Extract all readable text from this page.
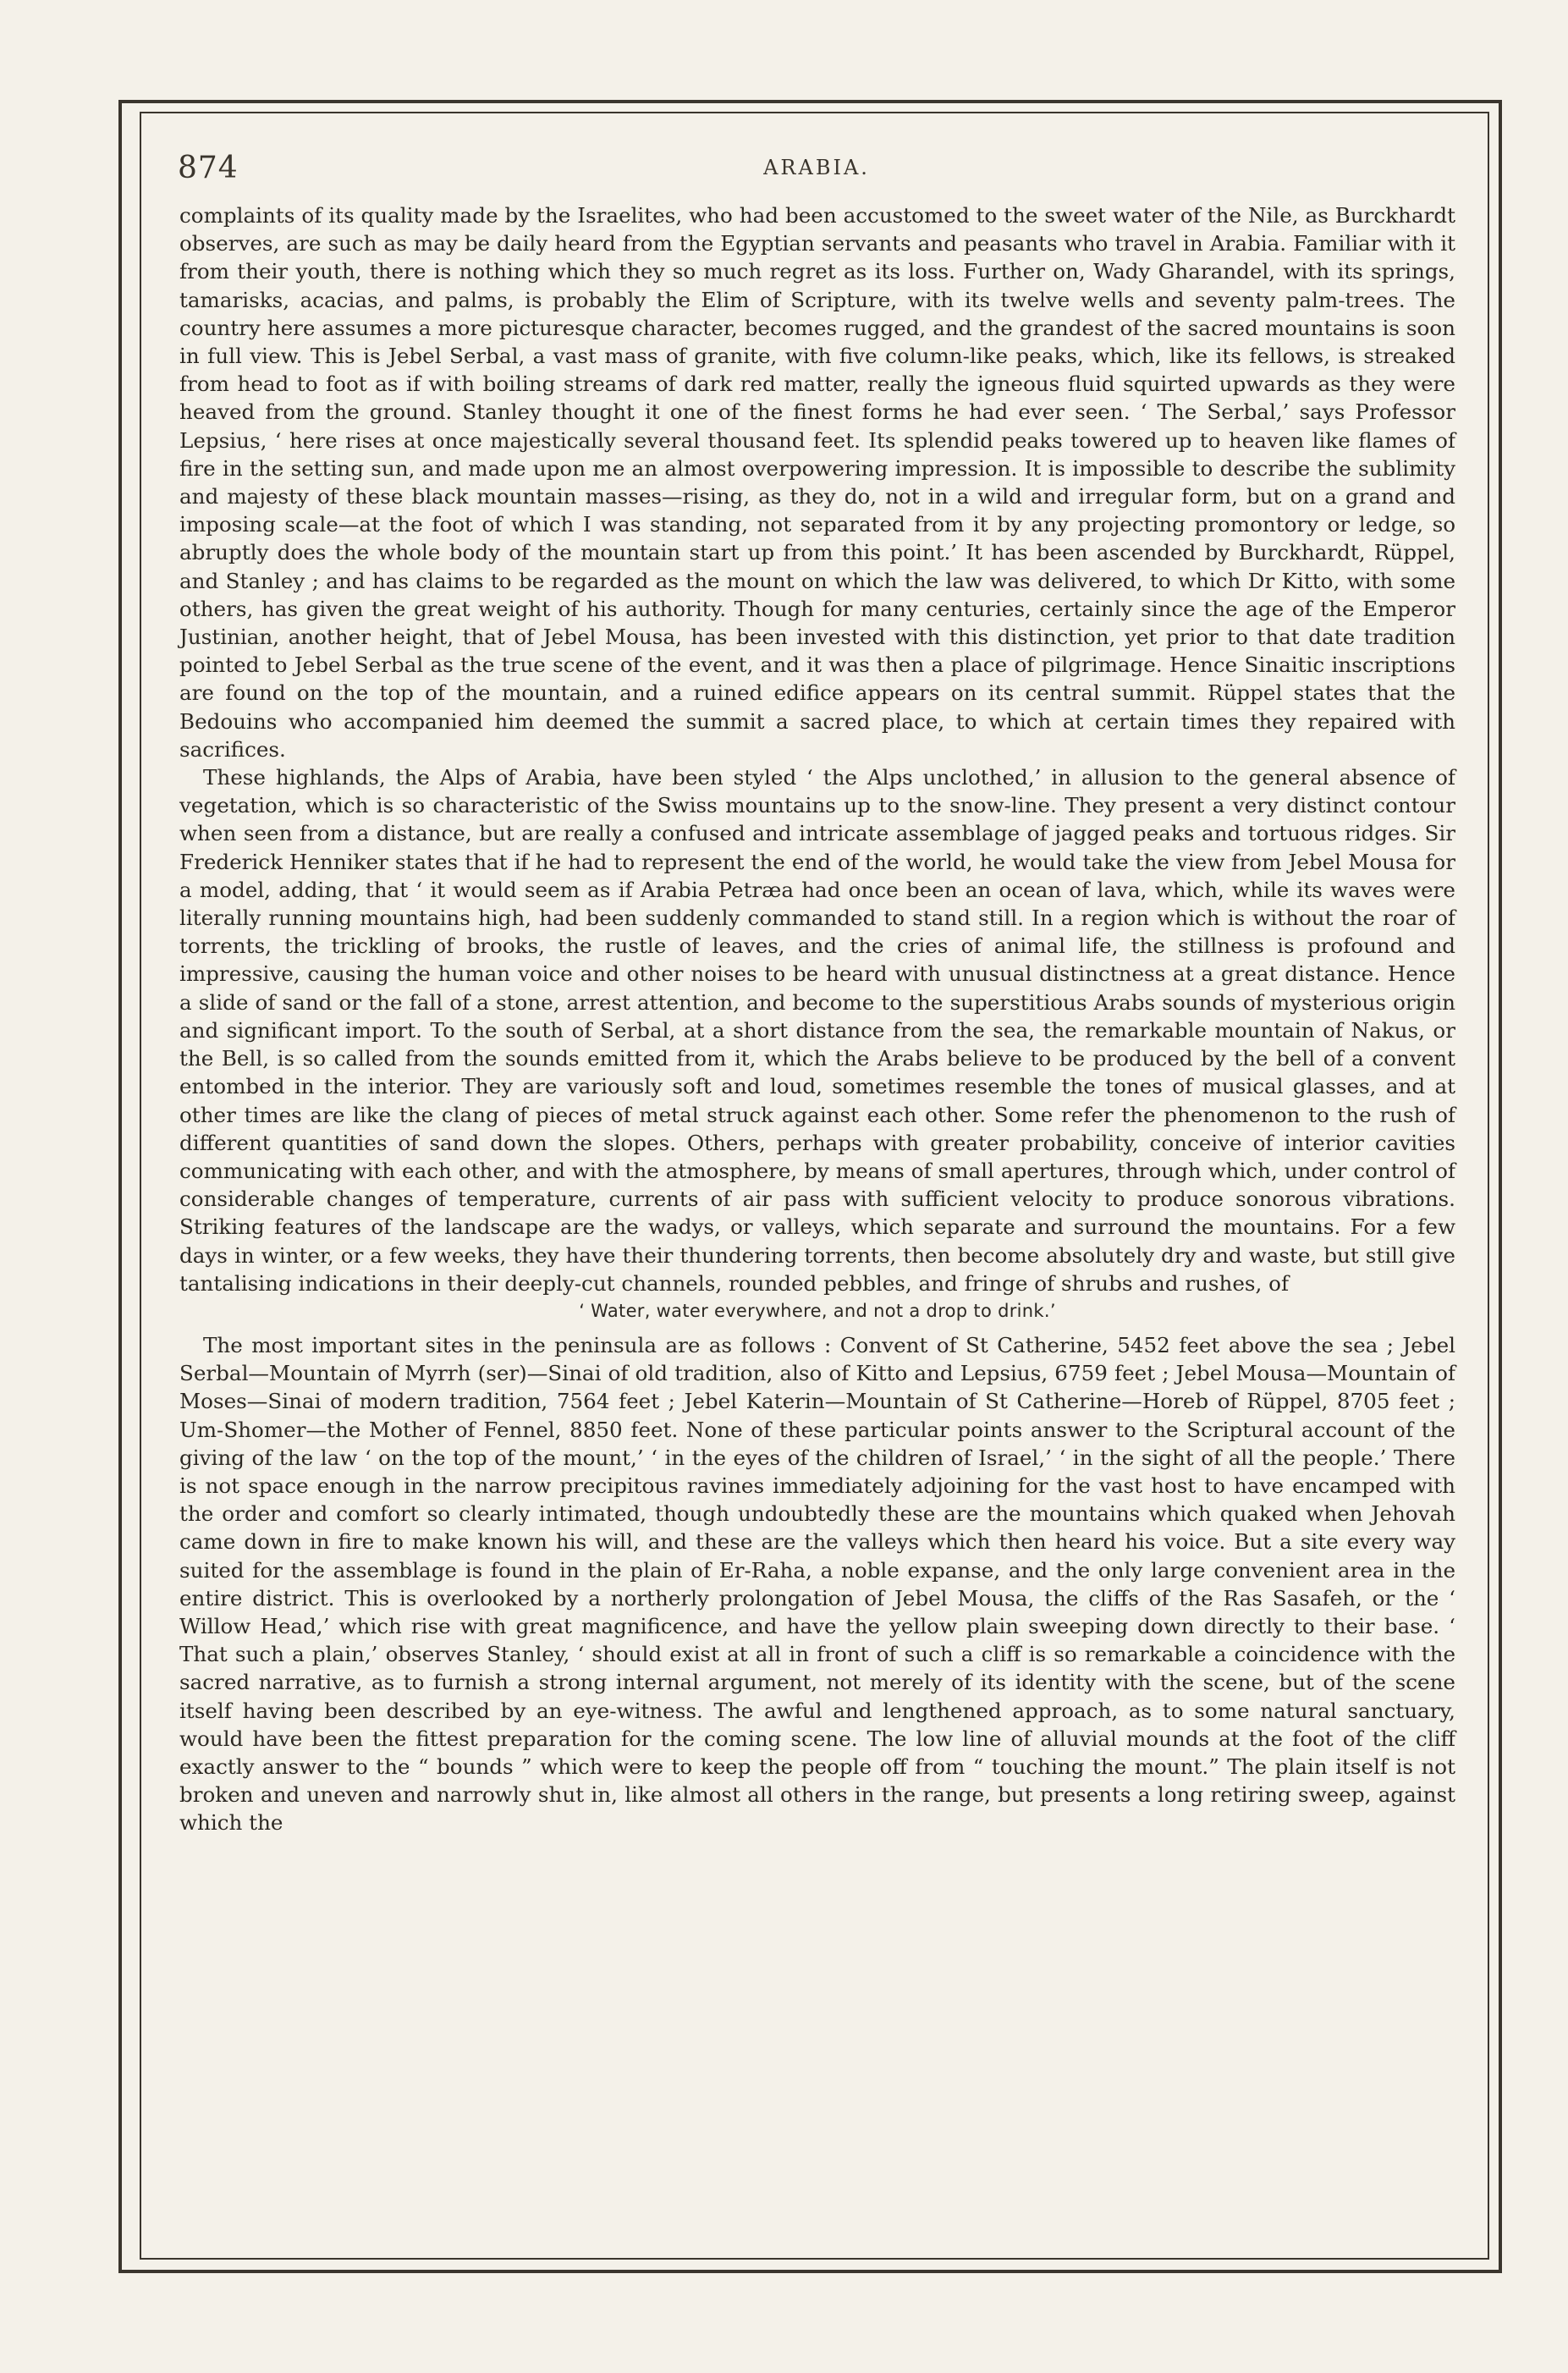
874	ARABIA.

complaints of its quality made by the Israelites, who had been accustomed to the sweet water of the Nile, as Burckhardt observes, are such as may be daily heard from the Egyptian servants and peasants who travel in Arabia. Familiar with it from their youth, there is nothing which they so much regret as its loss. Further on, Wady Gharandel, with its springs, tamarisks, acacias, and palms, is probably the Elim of Scripture, with its twelve wells and seventy palm-trees. The country here assumes a more picturesque character, becomes rugged, and the grandest of the sacred mountains is soon in full view. This is Jebel Serbal, a vast mass of granite, with five column-like peaks, which, like its fellows, is streaked from head to foot as if with boiling streams of dark red matter, really the igneous fluid squirted upwards as they were heaved from the ground. Stanley thought it one of the finest forms he had ever seen. ‘ The Serbal,’ says Professor Lepsius, ‘ here rises at once majestically several thousand feet. Its splendid peaks towered up to heaven like flames of fire in the setting sun, and made upon me an almost overpowering impression. It is impossible to describe the sublimity and majesty of these black mountain masses—rising, as they do, not in a wild and irregular form, but on a grand and imposing scale—at the foot of which I was standing, not separated from it by any projecting promontory or ledge, so abruptly does the whole body of the mountain start up from this point.’ It has been ascended by Burckhardt, Rüppel, and Stanley ; and has claims to be regarded as the mount on which the law was delivered, to which Dr Kitto, with some others, has given the great weight of his authority. Though for many centuries, certainly since the age of the Emperor Justinian, another height, that of Jebel Mousa, has been invested with this distinction, yet prior to that date tradition pointed to Jebel Serbal as the true scene of the event, and it was then a place of pilgrimage. Hence Sinaitic inscriptions are found on the top of the mountain, and a ruined edifice appears on its central summit. Rüppel states that the Bedouins who accompanied him deemed the summit a sacred place, to which at certain times they repaired with sacrifices.

These highlands, the Alps of Arabia, have been styled ‘ the Alps unclothed,’ in allusion to the general absence of vegetation, which is so characteristic of the Swiss mountains up to the snow-line. They present a very distinct contour when seen from a distance, but are really a confused and intricate assemblage of jagged peaks and tortuous ridges. Sir Frederick Henniker states that if he had to represent the end of the world, he would take the view from Jebel Mousa for a model, adding, that ‘ it would seem as if Arabia Petræa had once been an ocean of lava, which, while its waves were literally running mountains high, had been suddenly commanded to stand still. In a region which is without the roar of torrents, the trickling of brooks, the rustle of leaves, and the cries of animal life, the stillness is profound and impressive, causing the human voice and other noises to be heard with unusual distinctness at a great distance. Hence a slide of sand or the fall of a stone, arrest attention, and become to the superstitious Arabs sounds of mysterious origin and significant import. To the south of Serbal, at a short distance from the sea, the remarkable mountain of Nakus, or the Bell, is so called from the sounds emitted from it, which the Arabs believe to be produced by the bell of a convent entombed in the interior. They are variously soft and loud, sometimes resemble the tones of musical glasses, and at other times are like the clang of pieces of metal struck against each other. Some refer the phenomenon to the rush of different quantities of sand down the slopes. Others, perhaps with greater probability, conceive of interior cavities communicating with each other, and with the atmosphere, by means of small apertures, through which, under control of considerable changes of temperature, currents of air pass with sufficient velocity to produce sonorous vibrations. Striking features of the landscape are the wadys, or valleys, which separate and surround the mountains. For a few days in winter, or a few weeks, they have their thundering torrents, then become absolutely dry and waste, but still give tantalising indications in their deeply-cut channels, rounded pebbles, and fringe of shrubs and rushes, of

‘ Water, water everywhere, and not a drop to drink.’

The most important sites in the peninsula are as follows : Convent of St Catherine, 5452 feet above the sea ; Jebel Serbal—Mountain of Myrrh (ser)—Sinai of old tradition, also of Kitto and Lepsius, 6759 feet ; Jebel Mousa—Mountain of Moses—Sinai of modern tradition, 7564 feet ; Jebel Katerin—Mountain of St Catherine—Horeb of Rüppel, 8705 feet ; Um-Shomer—the Mother of Fennel, 8850 feet. None of these particular points answer to the Scriptural account of the giving of the law ‘ on the top of the mount,’ ‘ in the eyes of the children of Israel,’ ‘ in the sight of all the people.’ There is not space enough in the narrow precipitous ravines immediately adjoining for the vast host to have encamped with the order and comfort so clearly intimated, though undoubtedly these are the mountains which quaked when Jehovah came down in fire to make known his will, and these are the valleys which then heard his voice. But a site every way suited for the assemblage is found in the plain of Er-Raha, a noble expanse, and the only large convenient area in the entire district. This is overlooked by a northerly prolongation of Jebel Mousa, the cliffs of the Ras Sasafeh, or the ‘ Willow Head,’ which rise with great magnificence, and have the yellow plain sweeping down directly to their base. ‘ That such a plain,’ observes Stanley, ‘ should exist at all in front of such a cliff is so remarkable a coincidence with the sacred narrative, as to furnish a strong internal argument, not merely of its identity with the scene, but of the scene itself having been described by an eye-witness. The awful and lengthened approach, as to some natural sanctuary, would have been the fittest preparation for the coming scene. The low line of alluvial mounds at the foot of the cliff exactly answer to the “ bounds ” which were to keep the people off from “ touching the mount.” The plain itself is not broken and uneven and narrowly shut in, like almost all others in the range, but presents a long retiring sweep, against which the
